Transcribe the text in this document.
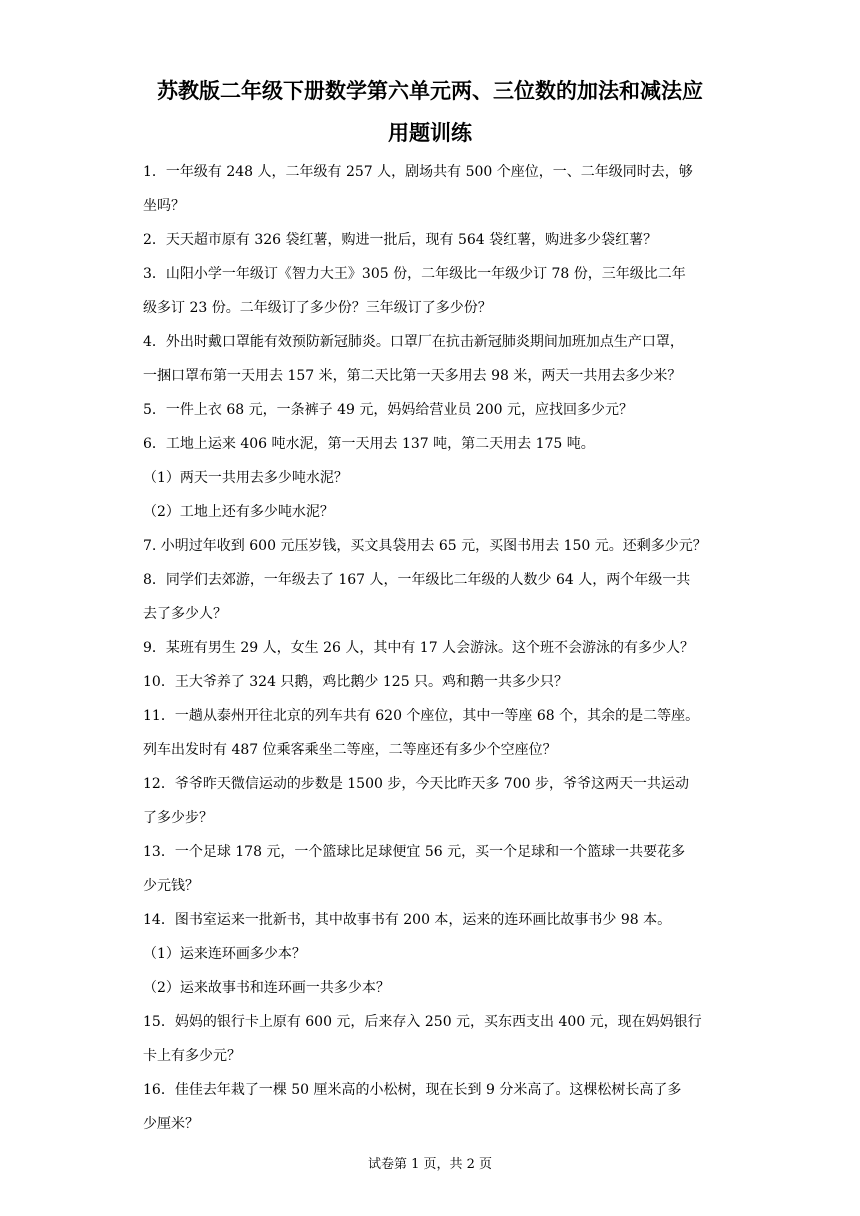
苏教版二年级下册数学第六单元两、三位数的加法和减法应
用题训练
1．一年级有 248 人，二年级有 257 人，剧场共有 500 个座位，一、二年级同时去，够
坐吗？
2．天天超市原有 326 袋红薯，购进一批后，现有 564 袋红薯，购进多少袋红薯？
3．山阳小学一年级订《智力大王》305 份，二年级比一年级少订 78 份，三年级比二年
级多订 23 份。二年级订了多少份？三年级订了多少份？
4．外出时戴口罩能有效预防新冠肺炎。口罩厂在抗击新冠肺炎期间加班加点生产口罩，
一捆口罩布第一天用去 157 米，第二天比第一天多用去 98 米，两天一共用去多少米？
5．一件上衣 68 元，一条裤子 49 元，妈妈给营业员 200 元，应找回多少元？
6．工地上运来 406 吨水泥，第一天用去 137 吨，第二天用去 175 吨。
（1）两天一共用去多少吨水泥？
（2）工地上还有多少吨水泥？
7. 小明过年收到 600 元压岁钱，买文具袋用去 65 元，买图书用去 150 元。还剩多少元？
8．同学们去郊游，一年级去了 167 人，一年级比二年级的人数少 64 人，两个年级一共
去了多少人？
9．某班有男生 29 人，女生 26 人，其中有 17 人会游泳。这个班不会游泳的有多少人？
10．王大爷养了 324 只鹅，鸡比鹅少 125 只。鸡和鹅一共多少只？
11．一趟从泰州开往北京的列车共有 620 个座位，其中一等座 68 个，其余的是二等座。
列车出发时有 487 位乘客乘坐二等座，二等座还有多少个空座位？
12．爷爷昨天微信运动的步数是 1500 步，今天比昨天多 700 步，爷爷这两天一共运动
了多少步？
13．一个足球 178 元，一个篮球比足球便宜 56 元，买一个足球和一个篮球一共要花多
少元钱？
14．图书室运来一批新书，其中故事书有 200 本，运来的连环画比故事书少 98 本。
（1）运来连环画多少本？
（2）运来故事书和连环画一共多少本？
15．妈妈的银行卡上原有 600 元，后来存入 250 元，买东西支出 400 元，现在妈妈银行
卡上有多少元？
16．佳佳去年栽了一棵 50 厘米高的小松树，现在长到 9 分米高了。这棵松树长高了多
少厘米？
试卷第 1 页，共 2 页
